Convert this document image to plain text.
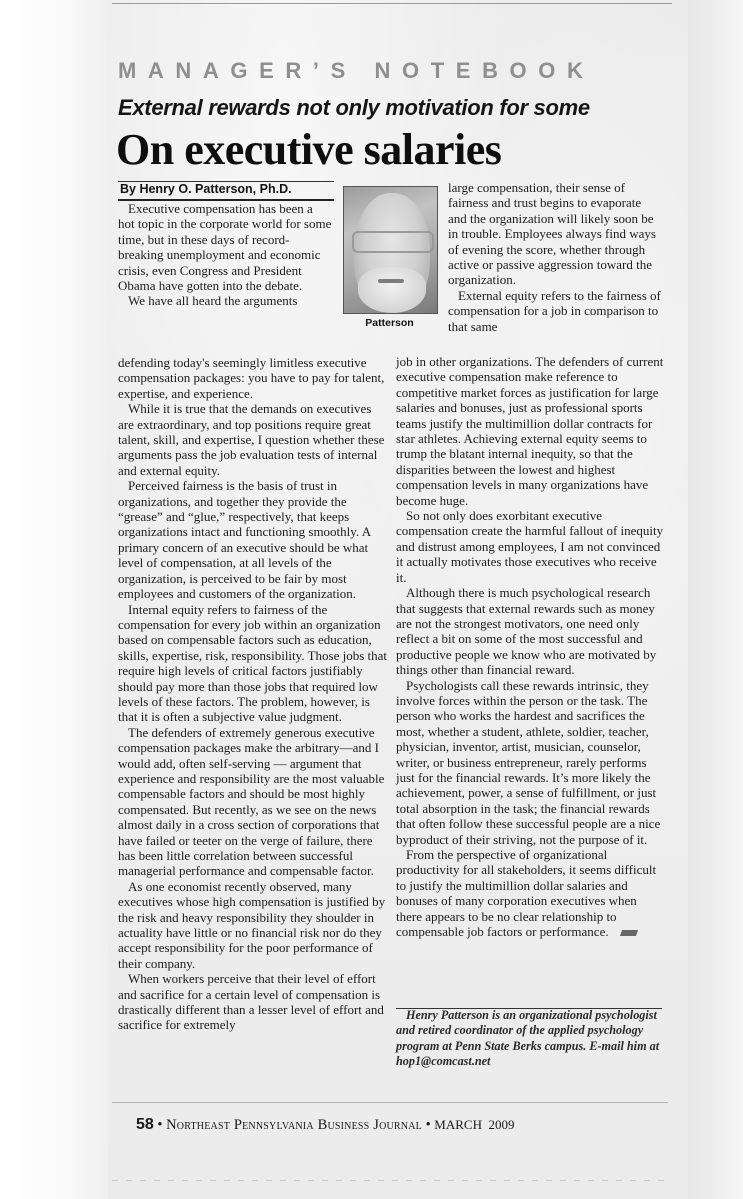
MANAGER’S NOTEBOOK
External rewards not only motivation for some
On executive salaries
By Henry O. Patterson, Ph.D.

Executive compensation has been a hot topic in the corporate world for some time, but in these days of record-breaking unemployment and economic crisis, even Congress and President Obama have gotten into the debate.

We have all heard the arguments

defending today's seemingly limitless executive compensation packages: you have to pay for talent, expertise, and experience.

While it is true that the demands on executives are extraordinary, and top positions require great talent, skill, and expertise, I question whether these arguments pass the job evaluation tests of internal and external equity.

Perceived fairness is the basis of trust in organizations, and together they provide the “grease” and “glue,” respectively, that keeps organizations intact and functioning smoothly. A primary concern of an executive should be what level of compensation, at all levels of the organization, is perceived to be fair by most employees and customers of the organization.

Internal equity refers to fairness of the compensation for every job within an organization based on compensable factors such as education, skills, expertise, risk, responsibility. Those jobs that require high levels of critical factors justifiably should pay more than those jobs that required low levels of these factors. The problem, however, is that it is often a subjective value judgment.

The defenders of extremely generous executive compensation packages make the arbitrary—and I would add, often self-serving — argument that experience and responsibility are the most valuable compensable factors and should be most highly compensated. But recently, as we see on the news almost daily in a cross section of corporations that have failed or teeter on the verge of failure, there has been little correlation between successful managerial performance and compensable factor.

As one economist recently observed, many executives whose high compensation is justified by the risk and heavy responsibility they shoulder in actuality have little or no financial risk nor do they accept responsibility for the poor performance of their company.

When workers perceive that their level of effort and sacrifice for a certain level of compensation is drastically different than a lesser level of effort and sacrifice for extremely

Patterson

large compensation, their sense of fairness and trust begins to evaporate and the organization will likely soon be in trouble. Employees always find ways of evening the score, whether through active or passive aggression toward the organization.

External equity refers to the fairness of compensation for a job in comparison to that same

job in other organizations. The defenders of current executive compensation make reference to competitive market forces as justification for large salaries and bonuses, just as professional sports teams justify the multimillion dollar contracts for star athletes. Achieving external equity seems to trump the blatant internal inequity, so that the disparities between the lowest and highest compensation levels in many organizations have become huge.

So not only does exorbitant executive compensation create the harmful fallout of inequity and distrust among employees, I am not convinced it actually motivates those executives who receive it.

Although there is much psychological research that suggests that external rewards such as money are not the strongest motivators, one need only reflect a bit on some of the most successful and productive people we know who are motivated by things other than financial reward.

Psychologists call these rewards intrinsic, they involve forces within the person or the task. The person who works the hardest and sacrifices the most, whether a student, athlete, soldier, teacher, physician, inventor, artist, musician, counselor, writer, or business entrepreneur, rarely performs just for the financial rewards. It’s more likely the achievement, power, a sense of fulfillment, or just total absorption in the task; the financial rewards that often follow these successful people are a nice byproduct of their striving, not the purpose of it.

From the perspective of organizational productivity for all stakeholders, it seems difficult to justify the multimillion dollar salaries and bonuses of many corporation executives when there appears to be no clear relationship to compensable job factors or performance.

Henry Patterson is an organizational psychologist and retired coordinator of the applied psychology program at Penn State Berks campus. E-mail him at hop1@comcast.net

58 • Northeast Pennsylvania Business Journal • MARCH  2009
